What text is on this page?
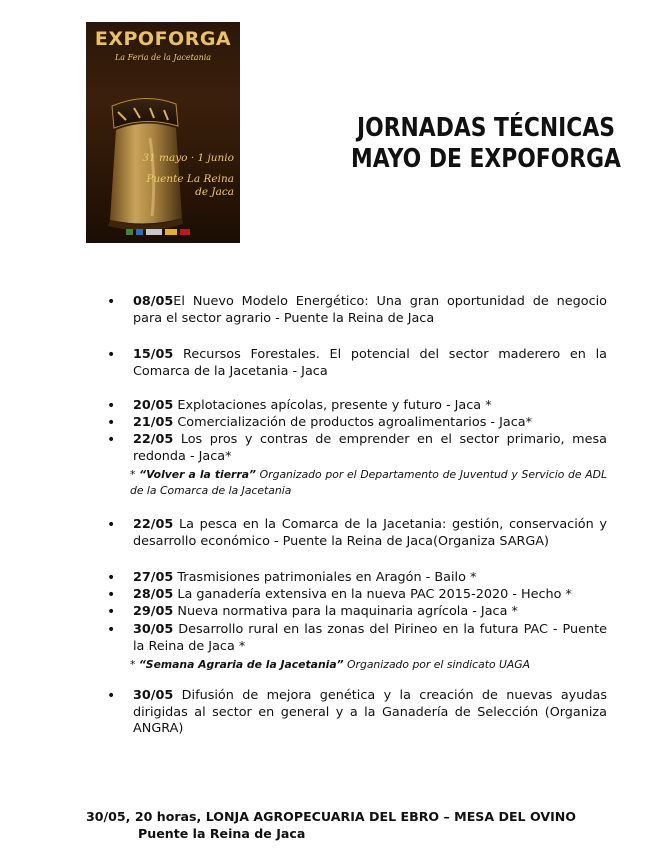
EXPOFORGA
La Feria de la Jacetania
31 mayo · 1 junio
Puente La Reina
de Jaca
JORNADAS TÉCNICAS
MAYO DE EXPOFORGA
• 08/05El Nuevo Modelo Energético: Una gran oportunidad de negocio para el sector agrario - Puente la Reina de Jaca
• 15/05 Recursos Forestales. El potencial del sector maderero en la Comarca de la Jacetania - Jaca
• 20/05 Explotaciones apícolas, presente y futuro - Jaca *
• 21/05 Comercialización de productos agroalimentarios - Jaca*
• 22/05 Los pros y contras de emprender en el sector primario, mesa redonda - Jaca*
* “Volver a la tierra” Organizado por el Departamento de Juventud y Servicio de ADL de la Comarca de la Jacetania
• 22/05 La pesca en la Comarca de la Jacetania: gestión, conservación y desarrollo económico - Puente la Reina de Jaca(Organiza SARGA)
• 27/05 Trasmisiones patrimoniales en Aragón - Bailo *
• 28/05 La ganadería extensiva en la nueva PAC 2015-2020 - Hecho *
• 29/05 Nueva normativa para la maquinaria agrícola - Jaca *
• 30/05 Desarrollo rural en las zonas del Pirineo en la futura PAC - Puente la Reina de Jaca *
* “Semana Agraria de la Jacetania” Organizado por el sindicato UAGA
• 30/05 Difusión de mejora genética y la creación de nuevas ayudas dirigidas al sector en general y a la Ganadería de Selección (Organiza ANGRA)
30/05, 20 horas, LONJA AGROPECUARIA DEL EBRO – MESA DEL OVINO
Puente la Reina de Jaca
